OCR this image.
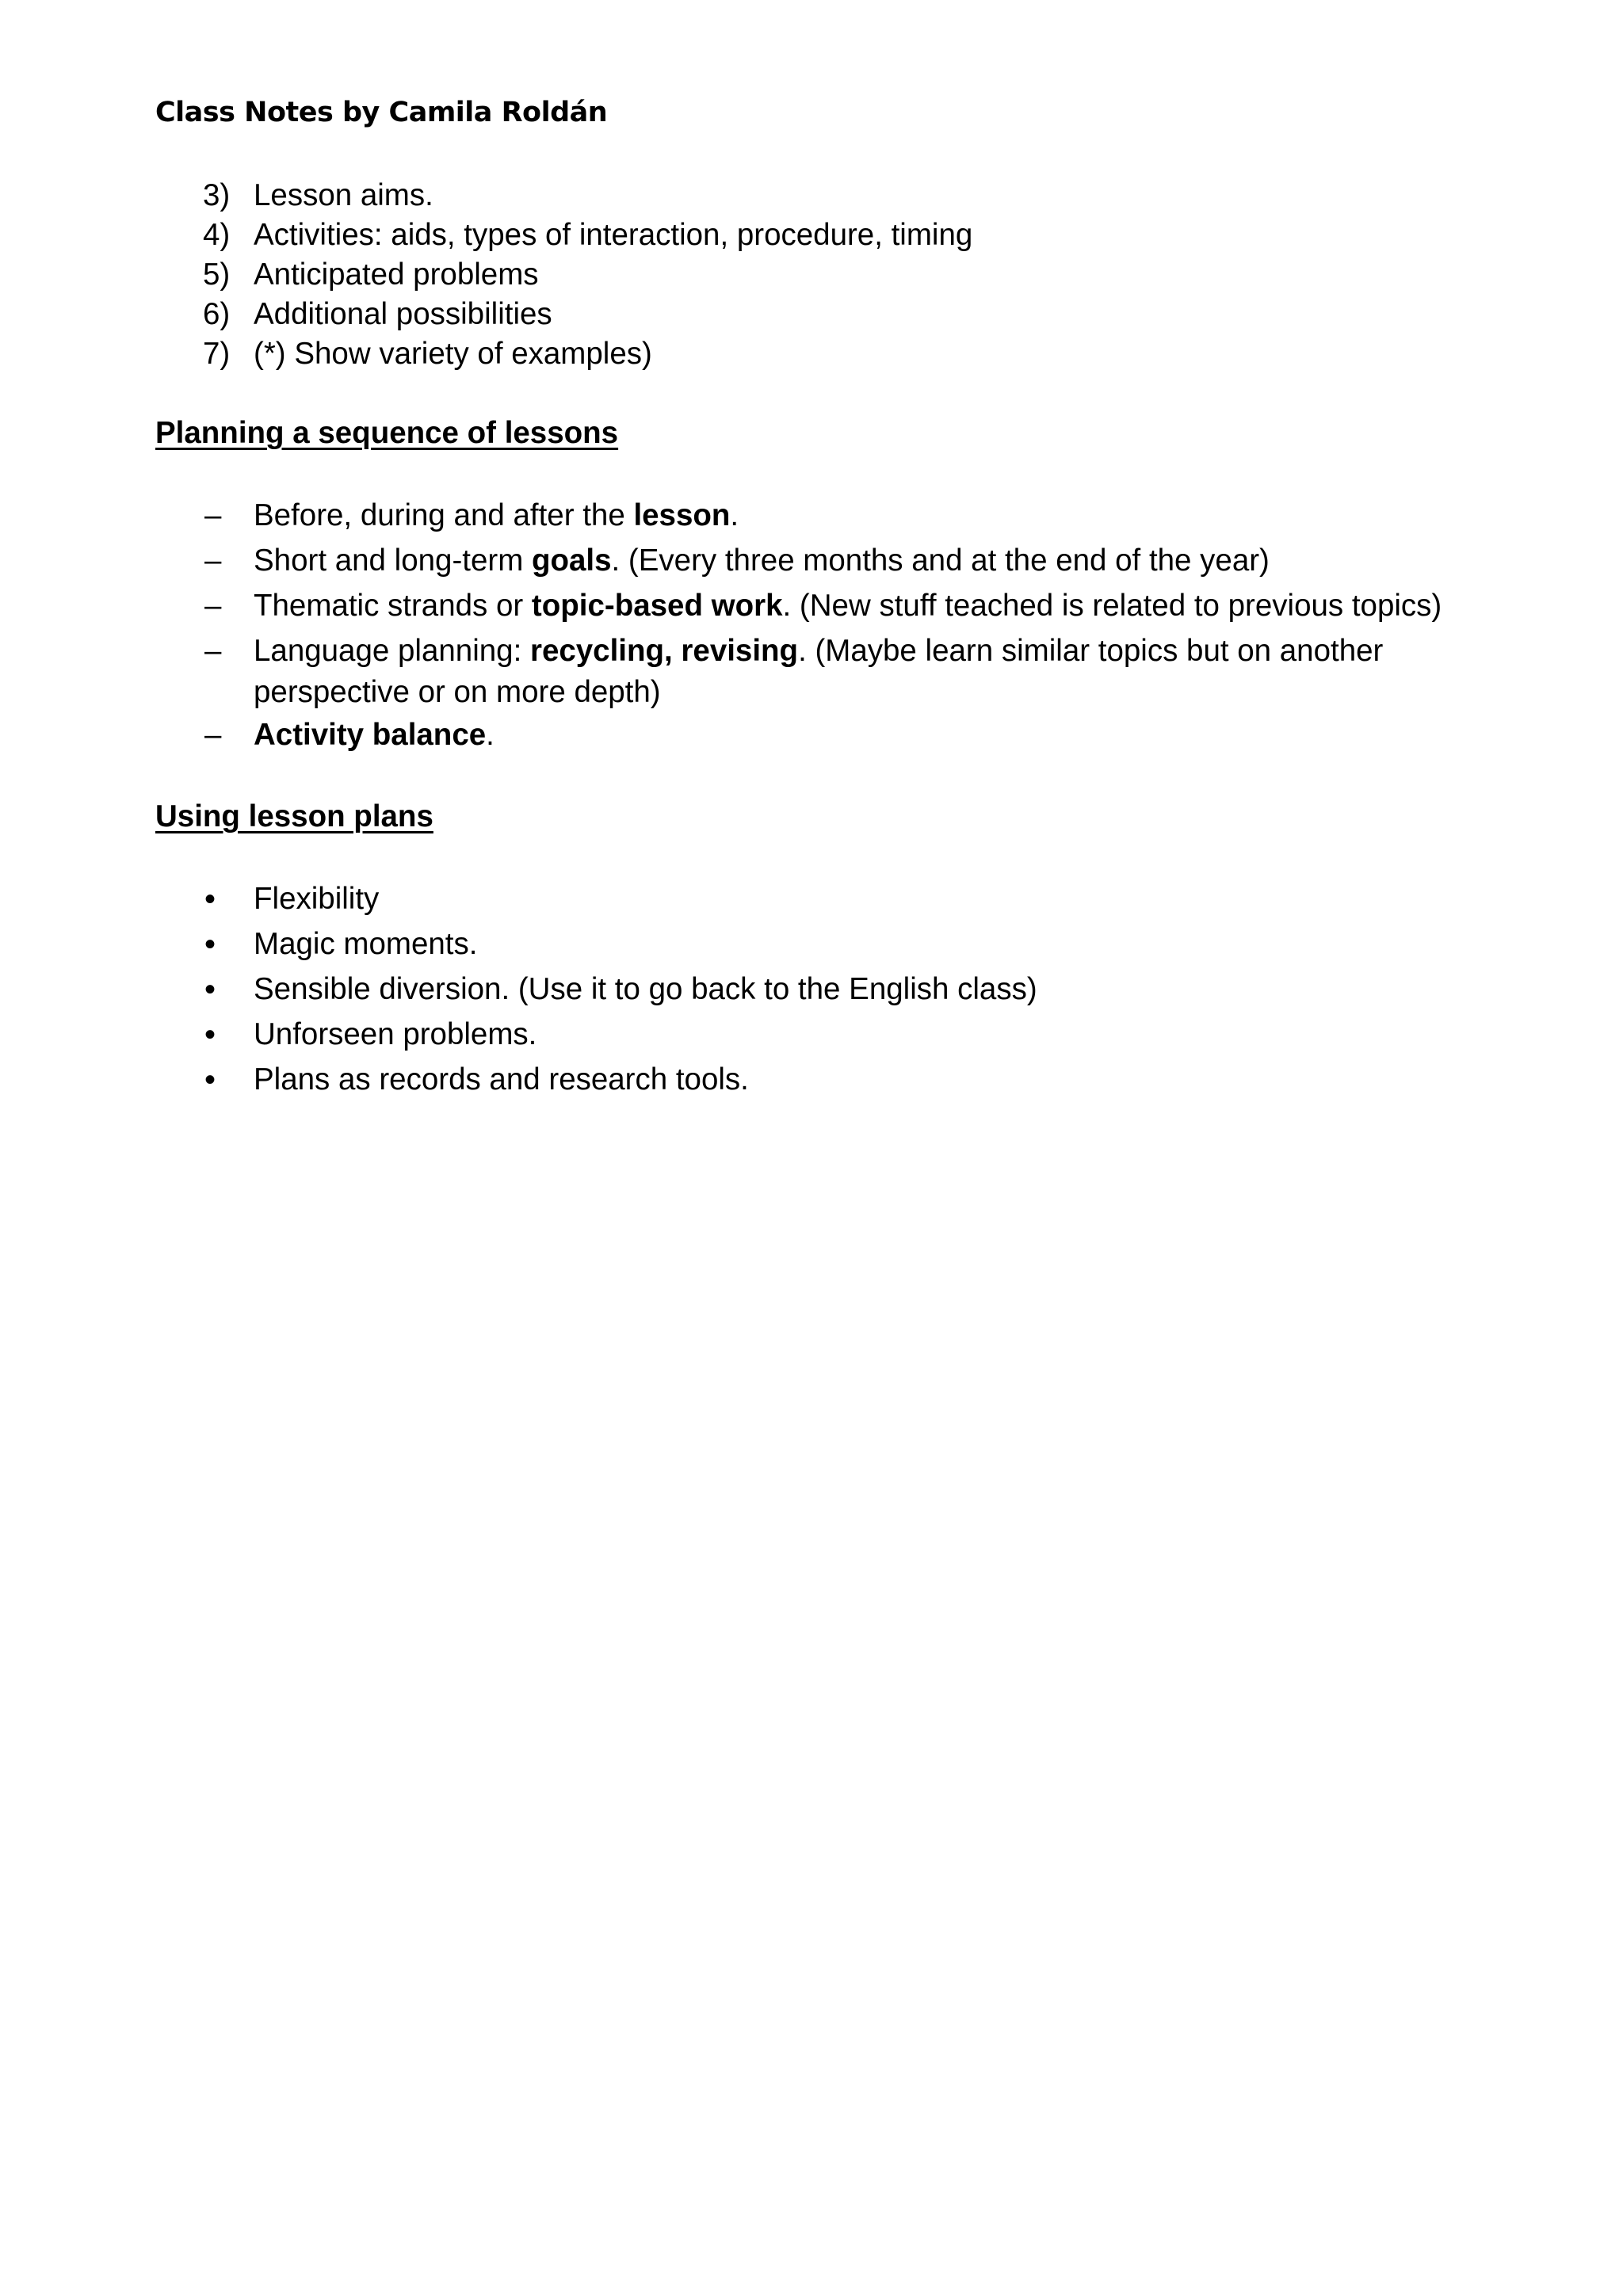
Class Notes by Camila Roldán
3) Lesson aims.
4) Activities: aids, types of interaction, procedure, timing
5) Anticipated problems
6) Additional possibilities
7) (*) Show variety of examples)
Planning a sequence of lessons
– Before, during and after the lesson.
– Short and long-term goals. (Every three months and at the end of the year)
– Thematic strands or topic-based work. (New stuff teached is related to previous topics)
– Language planning: recycling, revising. (Maybe learn similar topics but on another
perspective or on more depth)
– Activity balance.
Using lesson plans
• Flexibility
• Magic moments.
• Sensible diversion. (Use it to go back to the English class)
• Unforseen problems.
• Plans as records and research tools.
